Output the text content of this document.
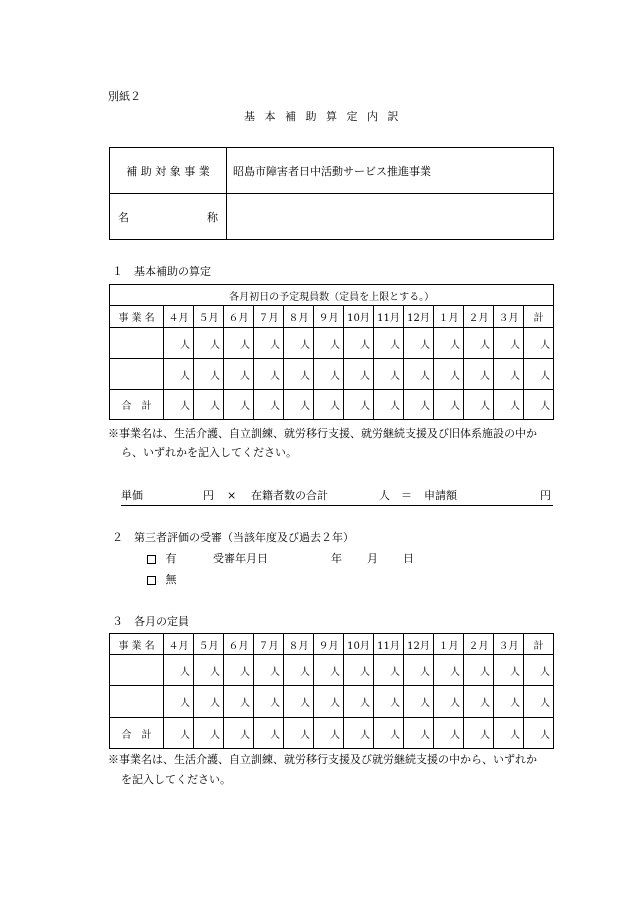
別紙２
基 本 補 助 算 定 内 訳
補 助 対 象 事 業	昭島市障害者日中活動サービス推進事業

名 称	

１　基本補助の算定
各月初日の予定現員数（定員を上限とする。）													
事 業 名	４月	５月	６月	７月	８月	９月	10月	11月	12月	１月	２月	３月	計
	人	人	人	人	人	人	人	人	人	人	人	人	人
	人	人	人	人	人	人	人	人	人	人	人	人	人
合　計	人	人	人	人	人	人	人	人	人	人	人	人	人
※事業名は、生活介護、自立訓練、就労移行支援、就労継続支援及び旧体系施設の中か
ら、いずれかを記入してください。
単価	円 × 在籍者数の合計	人 ＝ 申請額	円
２　第三者評価の受審（当該年度及び過去２年）
有	受審年月日	年 月 日
無
３　各月の定員
事 業 名	４月	５月	６月	７月	８月	９月	10月	11月	12月	１月	２月	３月	計
	人	人	人	人	人	人	人	人	人	人	人	人	人
	人	人	人	人	人	人	人	人	人	人	人	人	人
合　計	人	人	人	人	人	人	人	人	人	人	人	人	人
※事業名は、生活介護、自立訓練、就労移行支援及び就労継続支援の中から、いずれか
を記入してください。
